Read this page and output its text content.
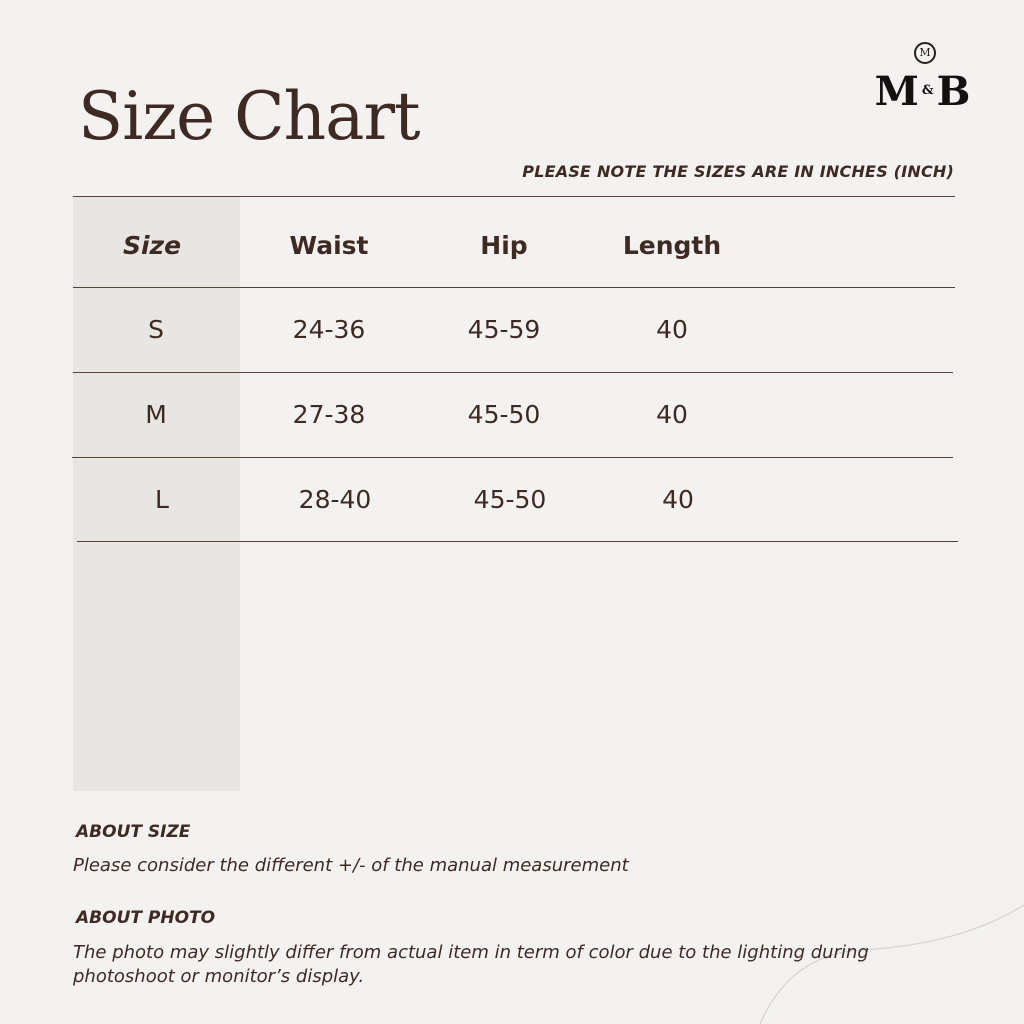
Size Chart
M
M &B
PLEASE NOTE THE SIZES ARE IN INCHES (INCH)
Size	Waist	Hip	Length
S	24-36	45-59	40
M	27-38	45-50	40
L	28-40	45-50	40
ABOUT SIZE
Please consider the different +/- of the manual measurement
ABOUT PHOTO
The photo may slightly differ from actual item in term of color due to the lighting during
photoshoot or monitor’s display.
